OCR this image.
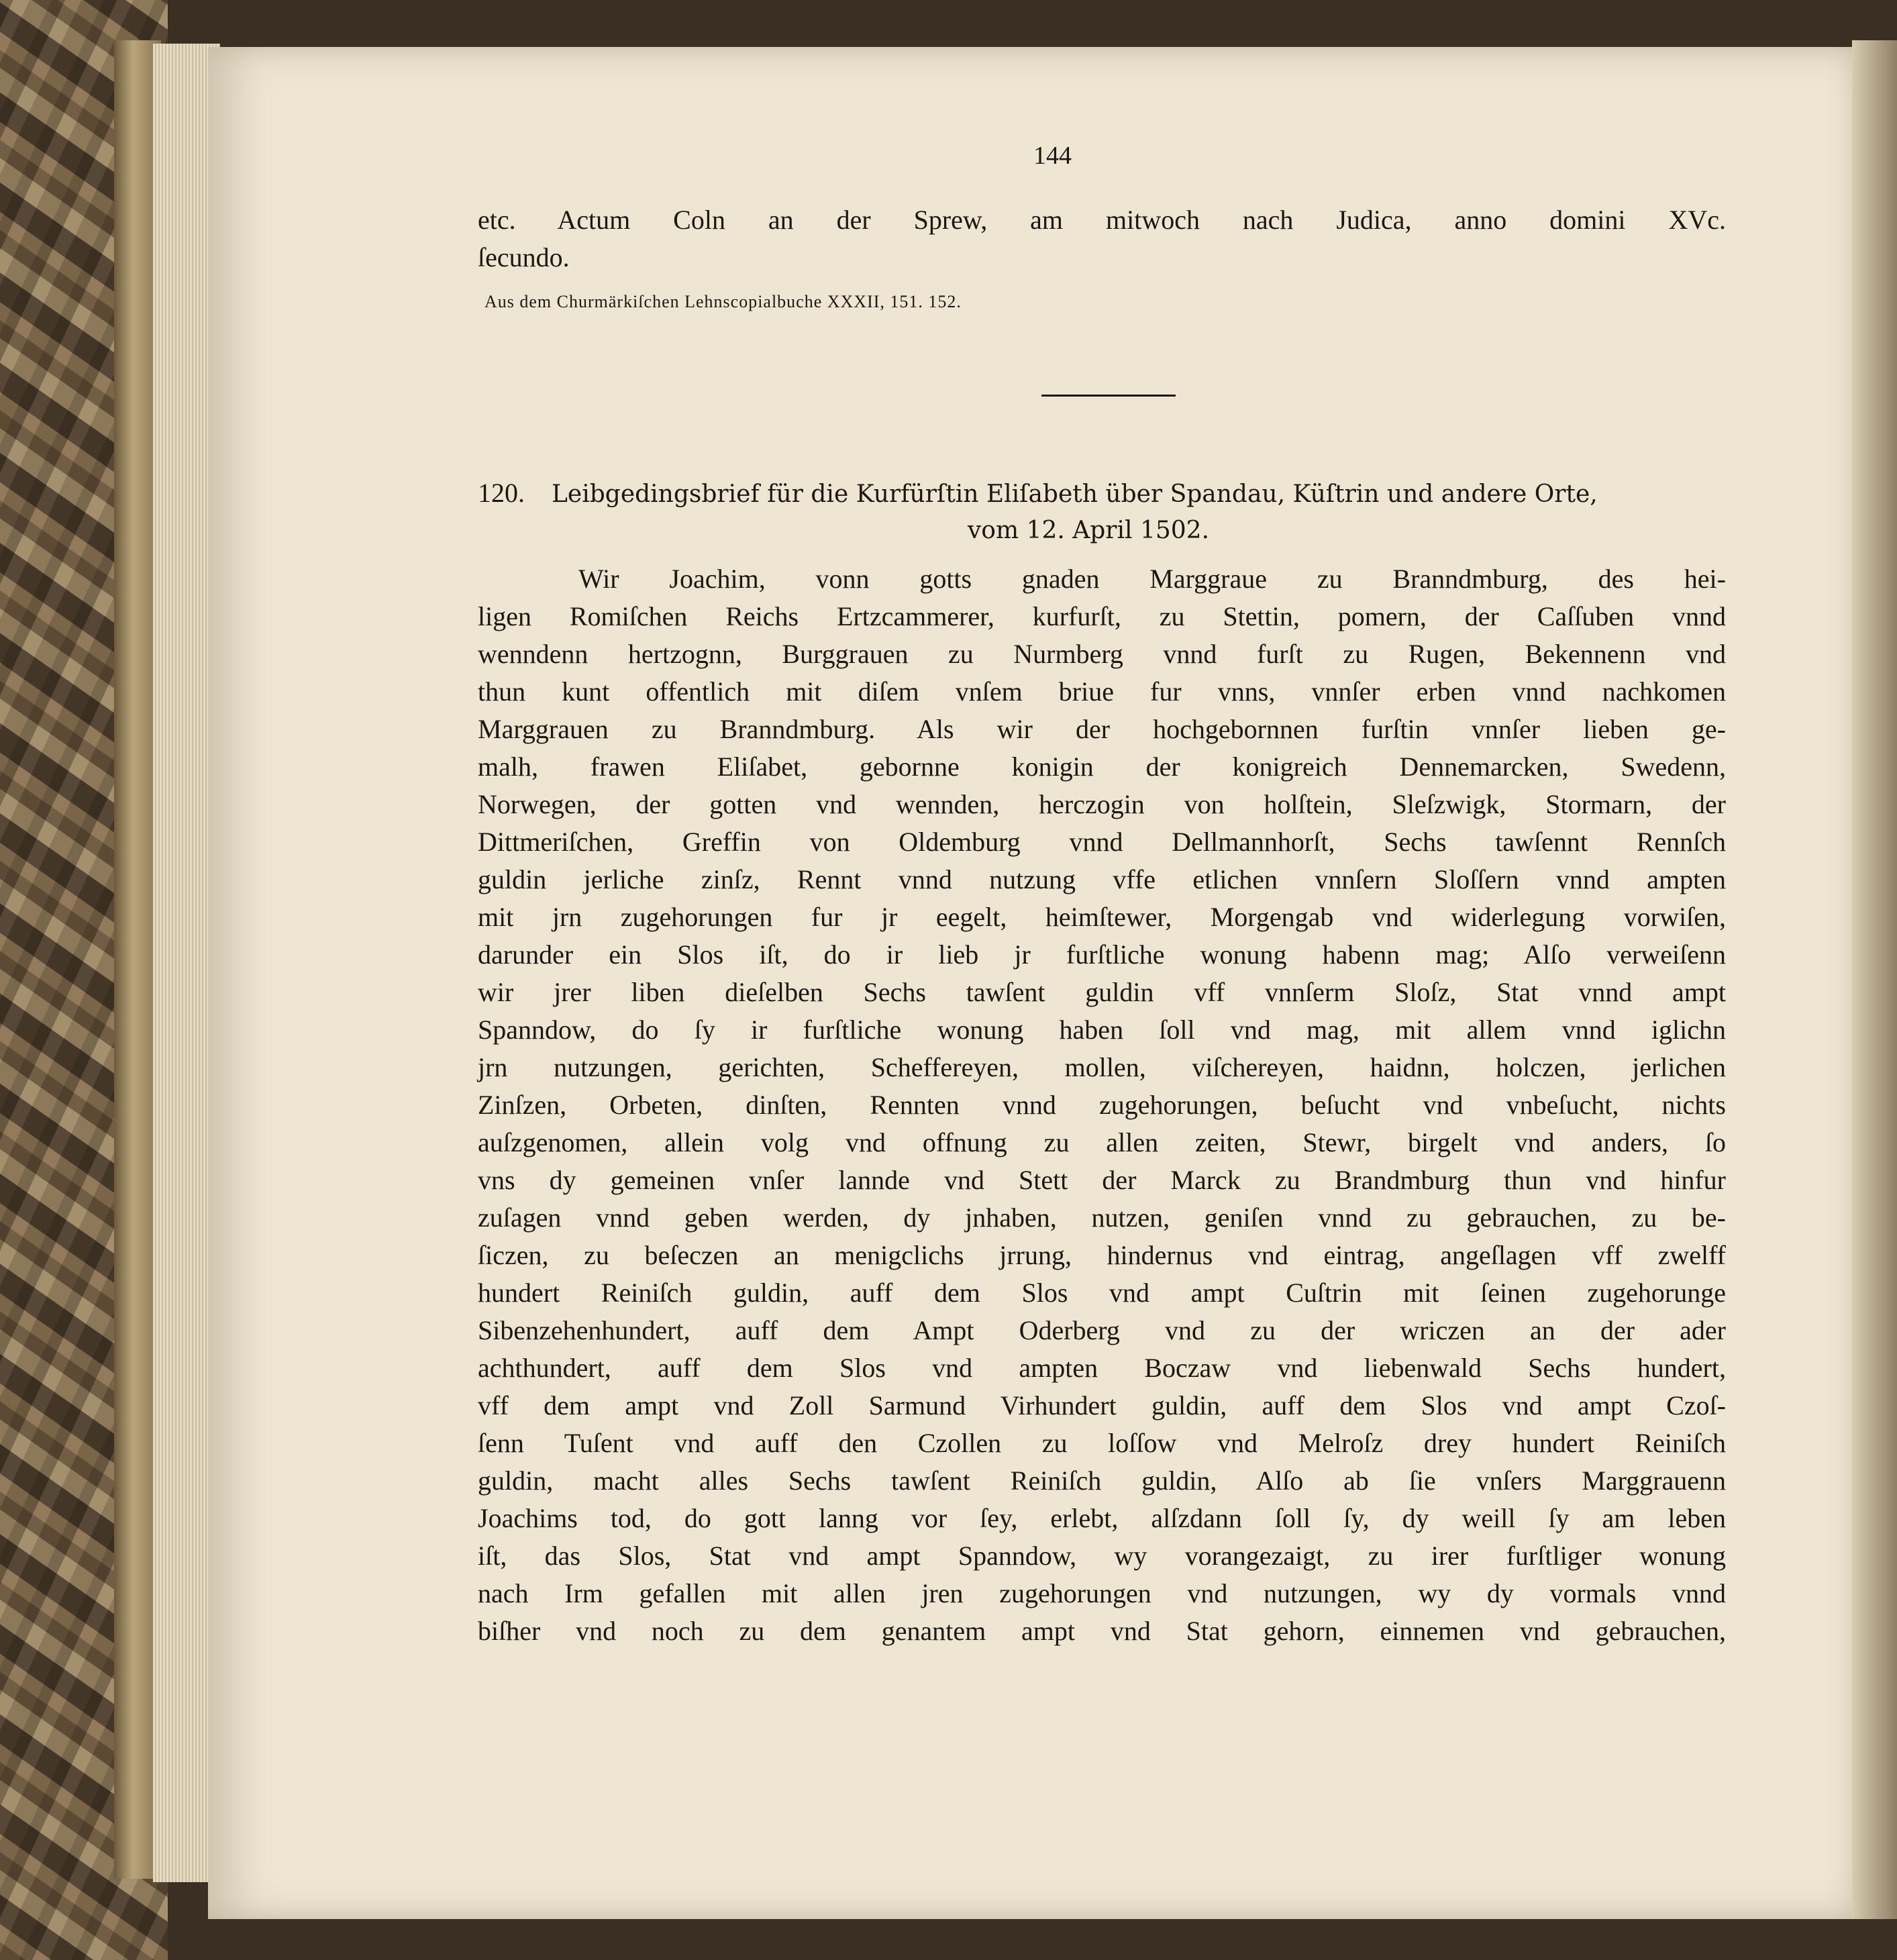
144
etc. Actum Coln an der Sprew, am mitwoch nach Judica, anno domini XVc.
ſecundo.
Aus dem Churmärkiſchen Lehnscopialbuche XXXII, 151. 152.
120. Leibgedingsbrief für die Kurfürſtin Eliſabeth über Spandau, Küſtrin und andere Orte,
vom 12. April 1502.
Wir Joachim, vonn gotts gnaden Marggraue zu Branndmburg, des hei-
ligen Romiſchen Reichs Ertzcammerer, kurfurſt, zu Stettin, pomern, der Caſſuben vnnd
wenndenn hertzognn, Burggrauen zu Nurmberg vnnd furſt zu Rugen, Bekennenn vnd
thun kunt offentlich mit diſem vnſem briue fur vnns, vnnſer erben vnnd nachkomen
Marggrauen zu Branndmburg. Als wir der hochgebornnen furſtin vnnſer lieben ge-
malh, frawen Eliſabet, gebornne konigin der konigreich Dennemarcken, Swedenn,
Norwegen, der gotten vnd wennden, herczogin von holſtein, Sleſzwigk, Stormarn, der
Dittmeriſchen, Greffin von Oldemburg vnnd Dellmannhorſt, Sechs tawſennt Rennſch
guldin jerliche zinſz, Rennt vnnd nutzung vffe etlichen vnnſern Sloſſern vnnd ampten
mit jrn zugehorungen fur jr eegelt, heimſtewer, Morgengab vnd widerlegung vorwiſen,
darunder ein Slos iſt, do ir lieb jr furſtliche wonung habenn mag; Alſo verweiſenn
wir jrer liben dieſelben Sechs tawſent guldin vff vnnſerm Sloſz, Stat vnnd ampt
Spanndow, do ſy ir furſtliche wonung haben ſoll vnd mag, mit allem vnnd iglichn
jrn nutzungen, gerichten, Scheffereyen, mollen, viſchereyen, haidnn, holczen, jerlichen
Zinſzen, Orbeten, dinſten, Rennten vnnd zugehorungen, beſucht vnd vnbeſucht, nichts
auſzgenomen, allein volg vnd offnung zu allen zeiten, Stewr, birgelt vnd anders, ſo
vns dy gemeinen vnſer lannde vnd Stett der Marck zu Brandmburg thun vnd hinfur
zuſagen vnnd geben werden, dy jnhaben, nutzen, geniſen vnnd zu gebrauchen, zu be-
ſiczen, zu beſeczen an menigclichs jrrung, hindernus vnd eintrag, angeſlagen vff zwelff
hundert Reiniſch guldin, auff dem Slos vnd ampt Cuſtrin mit ſeinen zugehorunge
Sibenzehenhundert, auff dem Ampt Oderberg vnd zu der wriczen an der ader
achthundert, auff dem Slos vnd ampten Boczaw vnd liebenwald Sechs hundert,
vff dem ampt vnd Zoll Sarmund Virhundert guldin, auff dem Slos vnd ampt Czoſ-
ſenn Tuſent vnd auff den Czollen zu loſſow vnd Melroſz drey hundert Reiniſch
guldin, macht alles Sechs tawſent Reiniſch guldin, Alſo ab ſie vnſers Marggrauenn
Joachims tod, do gott lanng vor ſey, erlebt, alſzdann ſoll ſy, dy weill ſy am leben
iſt, das Slos, Stat vnd ampt Spanndow, wy vorangezaigt, zu irer furſtliger wonung
nach Irm gefallen mit allen jren zugehorungen vnd nutzungen, wy dy vormals vnnd
biſher vnd noch zu dem genantem ampt vnd Stat gehorn, einnemen vnd gebrauchen,
